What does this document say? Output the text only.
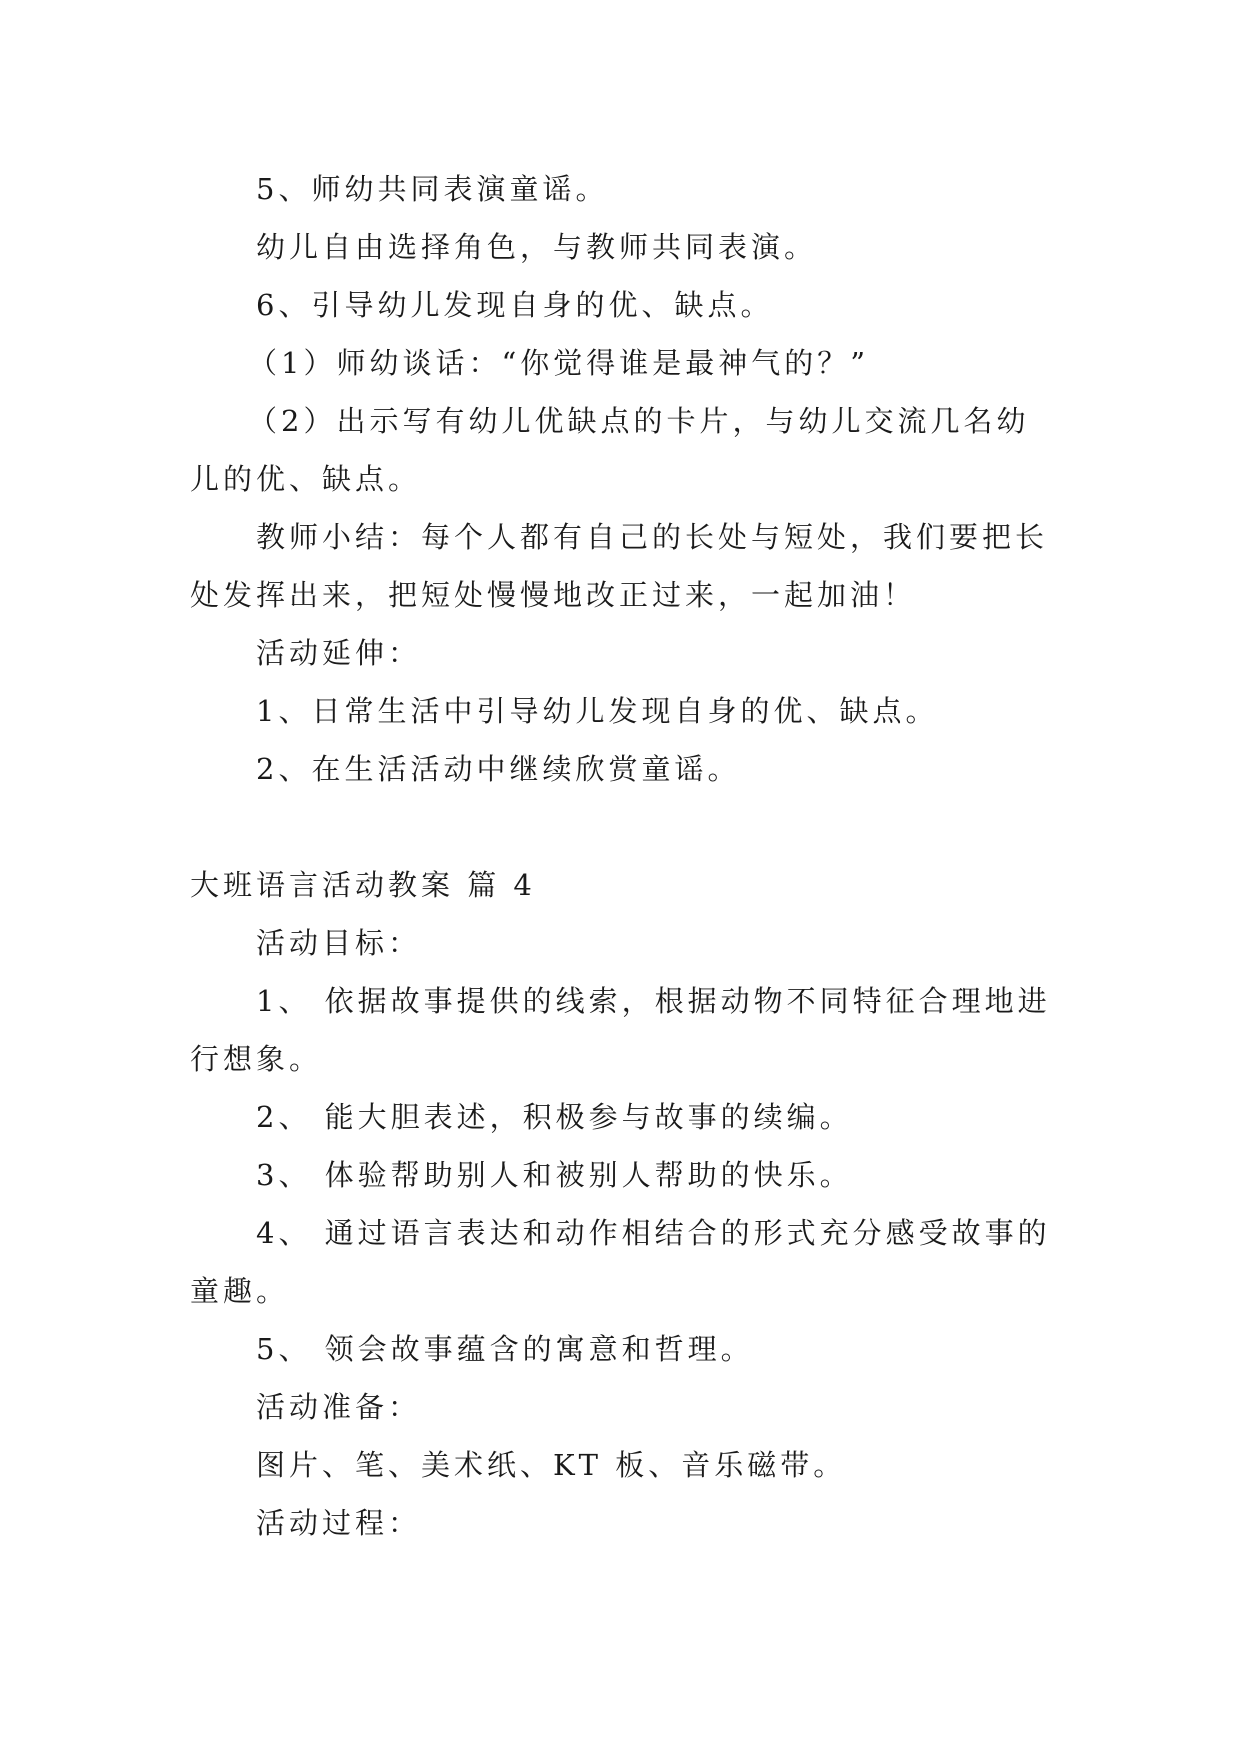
5、师幼共同表演童谣。

幼儿自由选择角色，与教师共同表演。

6、引导幼儿发现自身的优、缺点。

（1）师幼谈话：“你觉得谁是最神气的？”

（2）出示写有幼儿优缺点的卡片，与幼儿交流几名幼儿的优、缺点。

教师小结：每个人都有自己的长处与短处，我们要把长处发挥出来，把短处慢慢地改正过来，一起加油！

活动延伸：

1、日常生活中引导幼儿发现自身的优、缺点。

2、在生活活动中继续欣赏童谣。

大班语言活动教案 篇 4

活动目标：

1、 依据故事提供的线索，根据动物不同特征合理地进行想象。

2、 能大胆表述，积极参与故事的续编。

3、 体验帮助别人和被别人帮助的快乐。

4、 通过语言表达和动作相结合的形式充分感受故事的童趣。

5、 领会故事蕴含的寓意和哲理。

活动准备：

图片、笔、美术纸、KT 板、音乐磁带。

活动过程：
